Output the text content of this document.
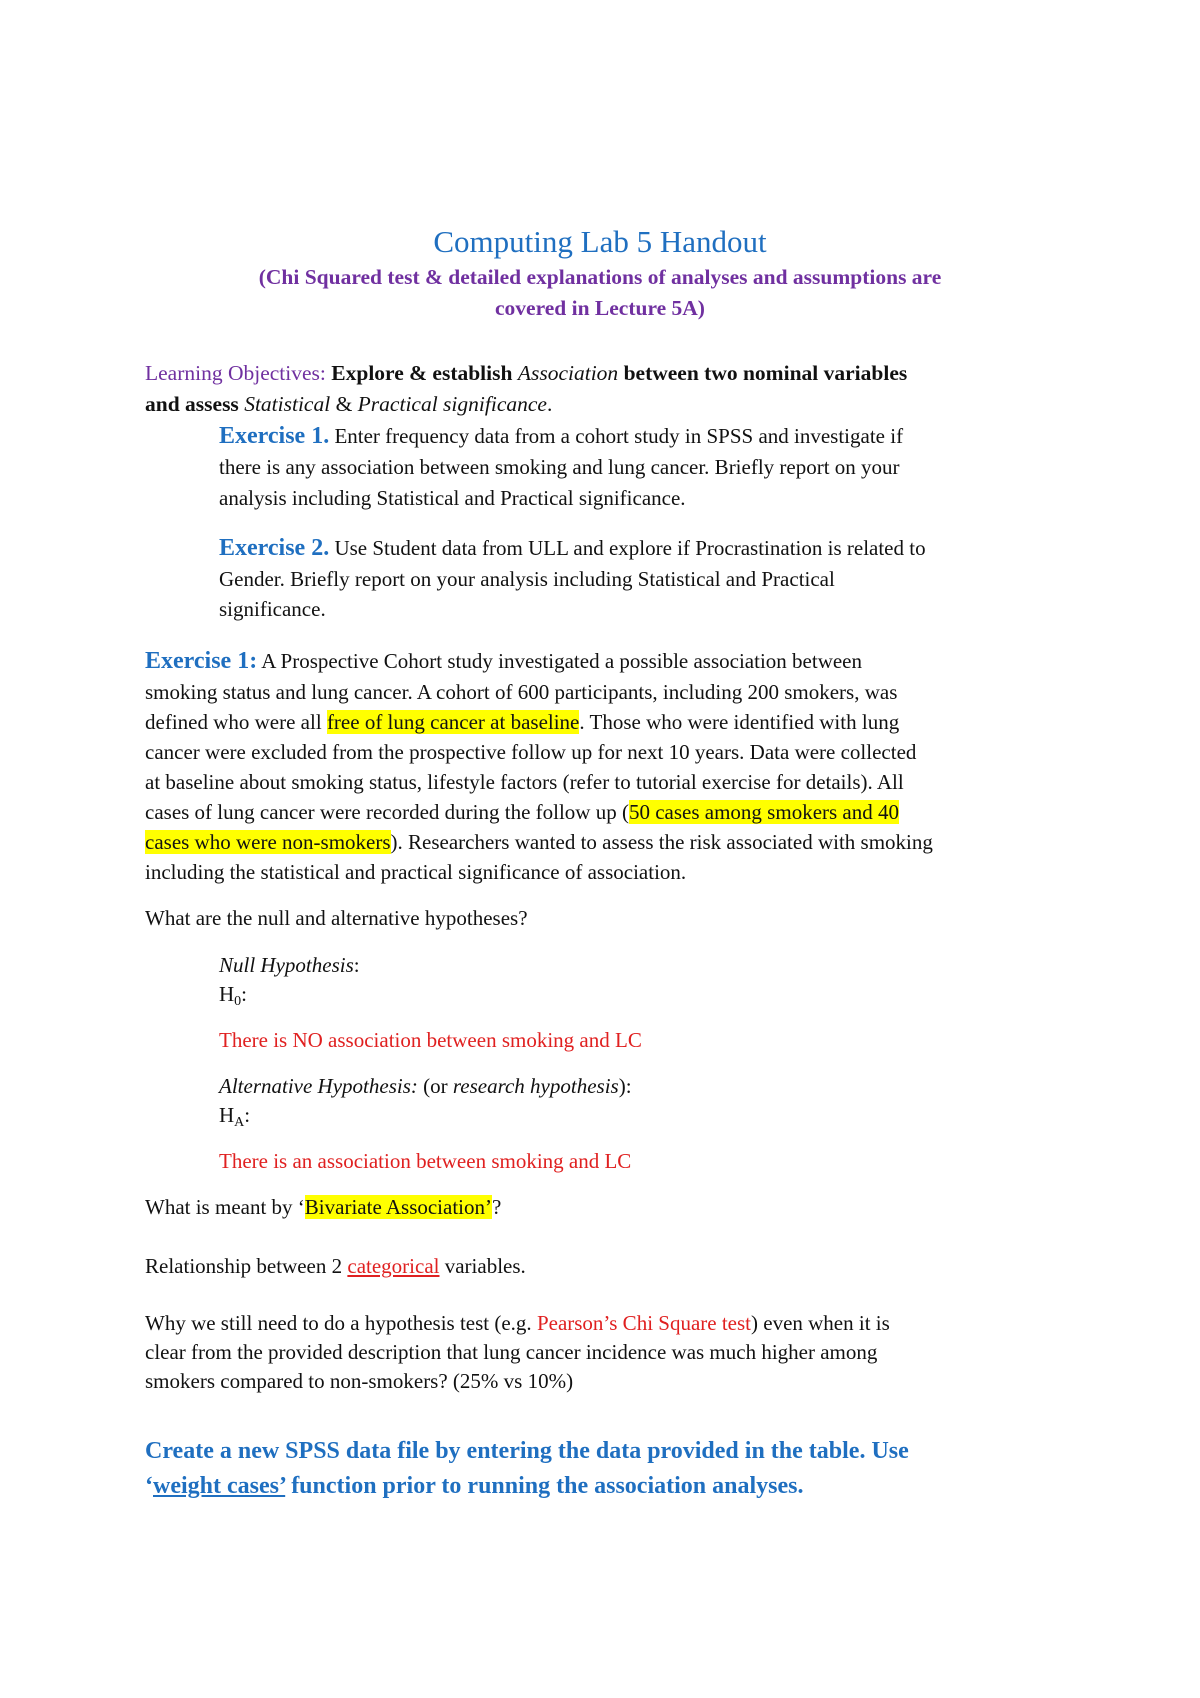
Computing Lab 5 Handout

(Chi Squared test & detailed explanations of analyses and assumptions are

covered in Lecture 5A)

Learning Objectives: Explore & establish Association between two nominal variables

and assess Statistical & Practical significance.

Exercise 1. Enter frequency data from a cohort study in SPSS and investigate if

there is any association between smoking and lung cancer. Briefly report on your

analysis including Statistical and Practical significance.

Exercise 2. Use Student data from ULL and explore if Procrastination is related to

Gender. Briefly report on your analysis including Statistical and Practical

significance.

Exercise 1: A Prospective Cohort study investigated a possible association between

smoking status and lung cancer. A cohort of 600 participants, including 200 smokers, was

defined who were all free of lung cancer at baseline. Those who were identified with lung

cancer were excluded from the prospective follow up for next 10 years. Data were collected

at baseline about smoking status, lifestyle factors (refer to tutorial exercise for details). All

cases of lung cancer were recorded during the follow up (50 cases among smokers and 40

cases who were non-smokers). Researchers wanted to assess the risk associated with smoking

including the statistical and practical significance of association.

What are the null and alternative hypotheses?

Null Hypothesis:

$H_0$:

There is NO association between smoking and LC

Alternative Hypothesis: (or research hypothesis):

$H_A$:

There is an association between smoking and LC

What is meant by ‘Bivariate Association’?

Relationship between 2 categorical variables.

Why we still need to do a hypothesis test (e.g. Pearson’s Chi Square test) even when it is

clear from the provided description that lung cancer incidence was much higher among

smokers compared to non-smokers? (25% vs 10%)

Create a new SPSS data file by entering the data provided in the table. Use

‘weight cases’ function prior to running the association analyses.
